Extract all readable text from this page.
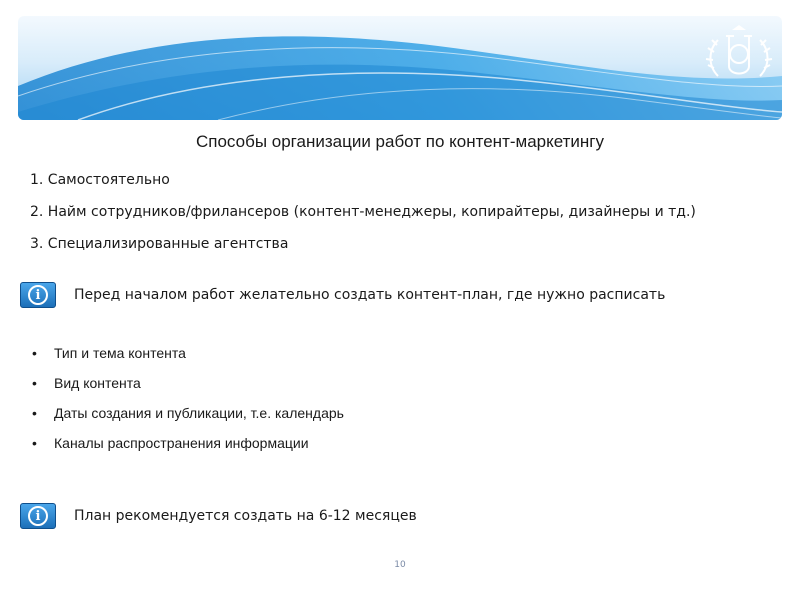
Способы организации работ по контент-маркетингу
1. Самостоятельно
2. Найм сотрудников/фрилансеров (контент-менеджеры, копирайтеры, дизайнеры и тд.)
3. Специализированные агентства
i	Перед началом работ желательно создать контент-план, где нужно расписать
•	Тип и тема контента
•	Вид контента
•	Даты создания и публикации, т.е. календарь
•	Каналы распространения информации
i	План рекомендуется создать на 6-12 месяцев
10
